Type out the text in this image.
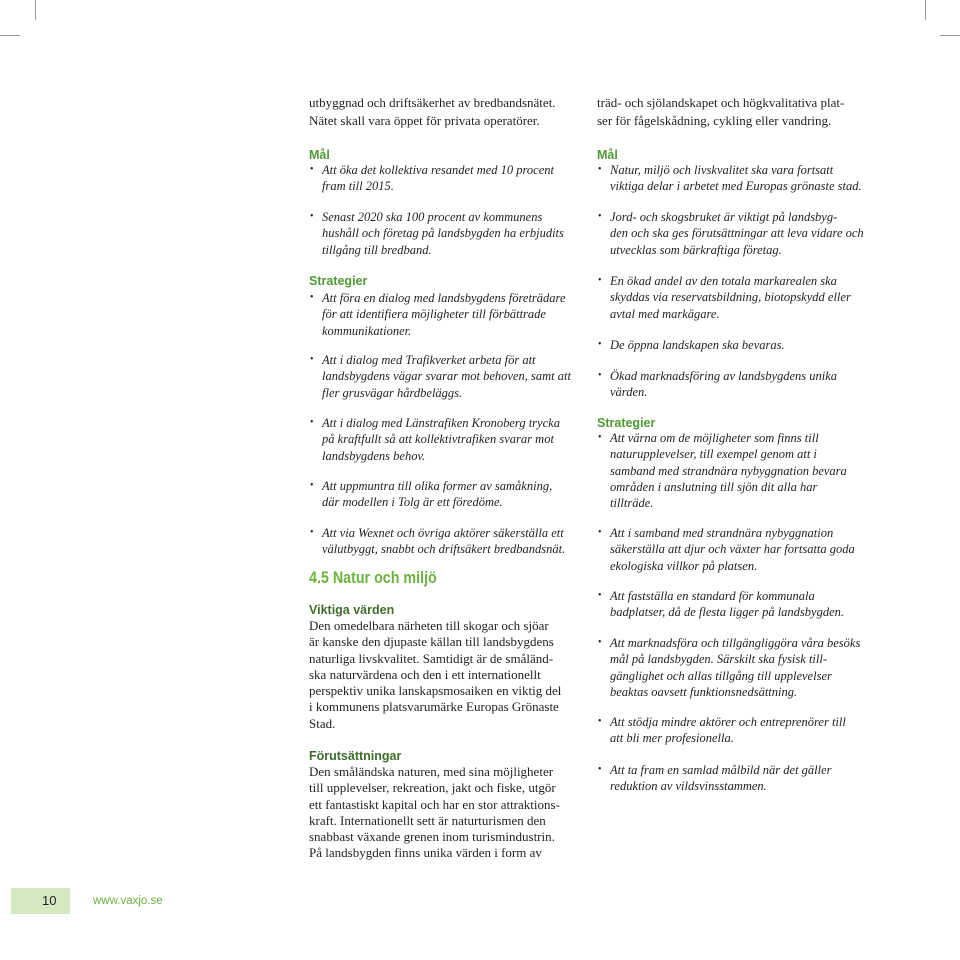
utbyggnad och driftsäkerhet av bredbandsnätet.
Nätet skall vara öppet för privata operatörer.
Mål
•
Att öka det kollektiva resandet med 10 procent
fram till 2015.
•
Senast 2020 ska 100 procent av kommunens
hushåll och företag på landsbygden ha erbjudits
tillgång till bredband.
Strategier
•
Att föra en dialog med landsbygdens företrädare
för att identifiera möjligheter till förbättrade
kommunikationer.
•
Att i dialog med Trafikverket arbeta för att
landsbygdens vägar svarar mot behoven, samt att
fler grusvägar hårdbeläggs.
•
Att i dialog med Länstrafiken Kronoberg trycka
på kraftfullt så att kollektivtrafiken svarar mot
landsbygdens behov.
•
Att uppmuntra till olika former av samåkning,
där modellen i Tolg är ett föredöme.
•
Att via Wexnet och övriga aktörer säkerställa ett
välutbyggt, snabbt och driftsäkert bredbandsnät.
4.5 Natur och miljö
Viktiga värden
Den omedelbara närheten till skogar och sjöar
är kanske den djupaste källan till landsbygdens
naturliga livskvalitet. Samtidigt är de småländ-
ska naturvärdena och den i ett internationellt
perspektiv unika lanskapsmosaiken en viktig del
i kommunens platsvarumärke Europas Grönaste
Stad.
Förutsättningar
Den småländska naturen, med sina möjligheter
till upplevelser, rekreation, jakt och fiske, utgör
ett fantastiskt kapital och har en stor attraktions-
kraft. Internationellt sett är naturturismen den
snabbast växande grenen inom turismindustrin.
På landsbygden finns unika värden i form av
träd- och sjölandskapet och högkvalitativa plat-
ser för fågelskådning, cykling eller vandring.
Mål
•
Natur, miljö och livskvalitet ska vara fortsatt
viktiga delar i arbetet med Europas grönaste stad.
•
Jord- och skogsbruket är viktigt på landsbyg-
den och ska ges förutsättningar att leva vidare och
utvecklas som bärkraftiga företag.
•
En ökad andel av den totala markarealen ska
skyddas via reservatsbildning, biotopskydd eller
avtal med markägare.
•
De öppna landskapen ska bevaras.
•
Ökad marknadsföring av landsbygdens unika
värden.
Strategier
•
Att värna om de möjligheter som finns till
naturupplevelser, till exempel genom att i
samband med strandnära nybyggnation bevara
områden i anslutning till sjön dit alla har
tillträde.
•
Att i samband med strandnära nybyggnation
säkerställa att djur och växter har fortsatta goda
ekologiska villkor på platsen.
•
Att fastställa en standard för kommunala
badplatser, då de flesta ligger på landsbygden.
•
Att marknadsföra och tillgängliggöra våra besöks
mål på landsbygden. Särskilt ska fysisk till-
gänglighet och allas tillgång till upplevelser
beaktas oavsett funktionsnedsättning.
•
Att stödja mindre aktörer och entreprenörer till
att bli mer profesionella.
•
Att ta fram en samlad målbild när det gäller
reduktion av vildsvinsstammen.
10	www.vaxjo.se
